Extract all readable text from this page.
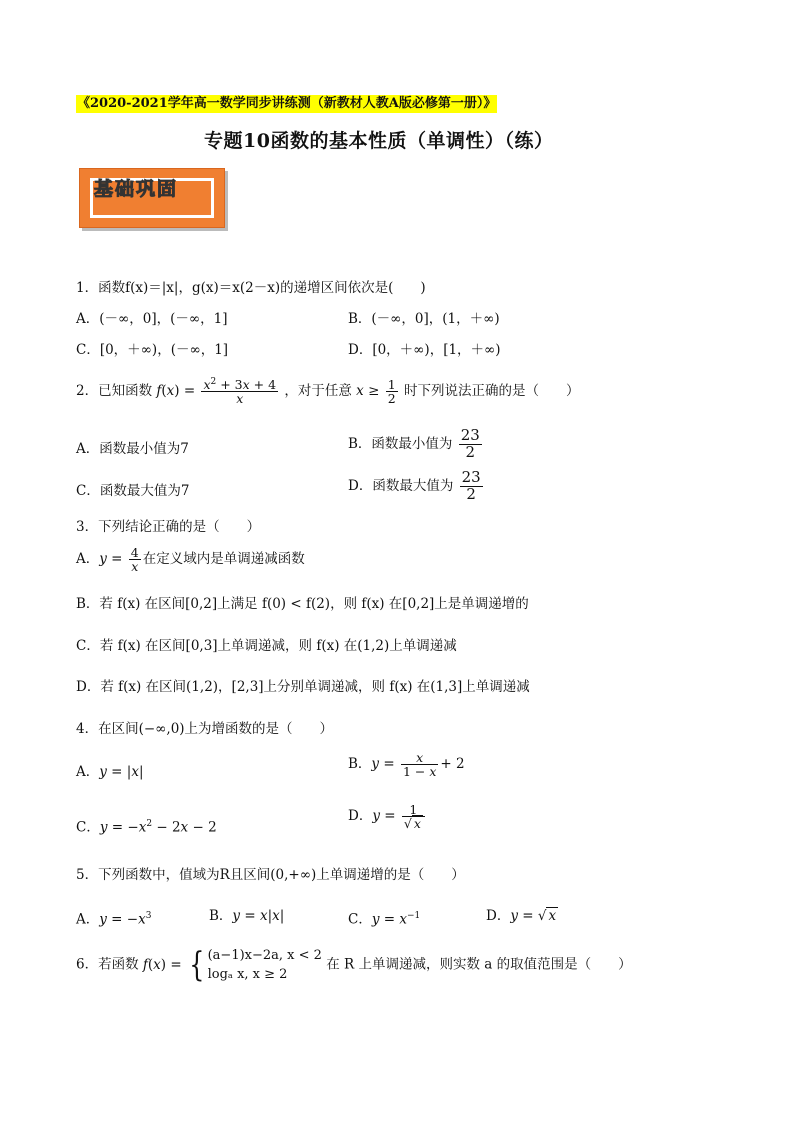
《2020-2021学年高一数学同步讲练测（新教材人教A版必修第一册）》
专题10函数的基本性质（单调性）（练）
基础巩固
1．函数f(x)＝|x|，g(x)＝x(2－x)的递增区间依次是(　　)
A．(－∞，0]，(－∞，1]	B．(－∞，0]，(1，＋∞)
C．[0，＋∞)，(－∞，1]	D．[0，＋∞)，[1，＋∞)
2．已知函数 $f(x) = \frac{x^2 + 3x + 4}{x}$ ，对于任意 $x \ge \frac{1}{2}$ 时下列说法正确的是（　　）
A．函数最小值为7	B．函数最小值为 $\frac{23}{2}$
C．函数最大值为7	D．函数最大值为 $\frac{23}{2}$
3．下列结论正确的是（　　）
A．$y = \frac{4}{x}$ 在定义域内是单调递减函数
B．若 f(x) 在区间[0,2]上满足 f(0) < f(2)，则 f(x) 在[0,2]上是单调递增的
C．若 f(x) 在区间[0,3]上单调递减，则 f(x) 在(1,2)上单调递减
D．若 f(x) 在区间(1,2)，[2,3]上分别单调递减，则 f(x) 在(1,3]上单调递减
4．在区间(−∞,0)上为增函数的是（　　）
A．y = |x|	B．$y = \frac{x}{1 - x} + 2$
C．$y = -x^2 - 2x - 2$
D．$y = \frac{1}{√ x}$
5．下列函数中，值域为R且区间(0,+∞)上单调递增的是（　　）
A．$y = -x^3$	B．y = x|x|	C．$y = x^{-1}$	D．y = √ x
6．若函数 f(x) = { (a−1)x−2a, x < 2
logₐ x, x ≥ 2
在 R 上单调递减，则实数 a 的取值范围是（　　）
